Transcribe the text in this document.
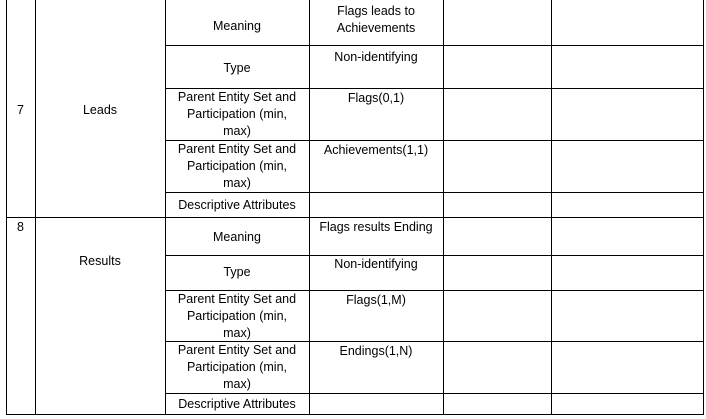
7	Leads
Meaning
Flags leads to
Achievements
Type
Non-identifying
Parent Entity Set and
Participation (min,
max)
Flags(0,1)
Parent Entity Set and
Participation (min,
max)
Achievements(1,1)
Descriptive Attributes
8
Results
Meaning
Flags results Ending
Type
Non-identifying
Parent Entity Set and
Participation (min,
max)
Flags(1,M)
Parent Entity Set and
Participation (min,
max)
Endings(1,N)
Descriptive Attributes
